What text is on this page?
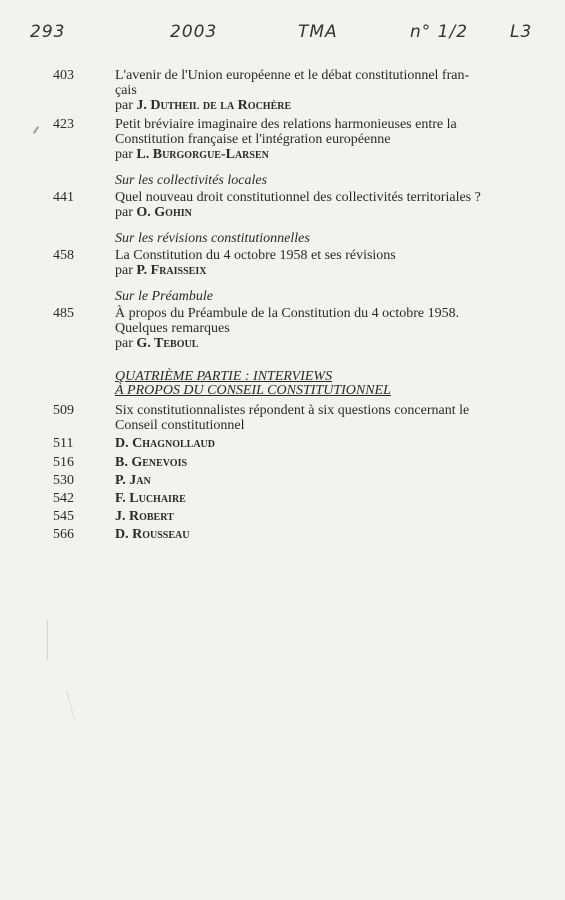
293	2003	TMA	n° 1/2 L3
403	L'avenir de l'Union européenne et le débat constitutionnel fran-
çais
par J. Dutheil de la Rochère
423	Petit bréviaire imaginaire des relations harmonieuses entre la
Constitution française et l'intégration européenne
par L. Burgorgue-Larsen
Sur les collectivités locales
441	Quel nouveau droit constitutionnel des collectivités territoriales ?
par O. Gohin
Sur les révisions constitutionnelles
458	La Constitution du 4 octobre 1958 et ses révisions
par P. Fraisseix
Sur le Préambule
485	À propos du Préambule de la Constitution du 4 octobre 1958.
Quelques remarques
par G. Teboul
QUATRIÈME PARTIE : INTERVIEWS
À PROPOS DU CONSEIL CONSTITUTIONNEL
509	Six constitutionnalistes répondent à six questions concernant le
Conseil constitutionnel
511	D. Chagnollaud
516	B. Genevois
530	P. Jan
542	F. Luchaire
545	J. Robert
566	D. Rousseau
